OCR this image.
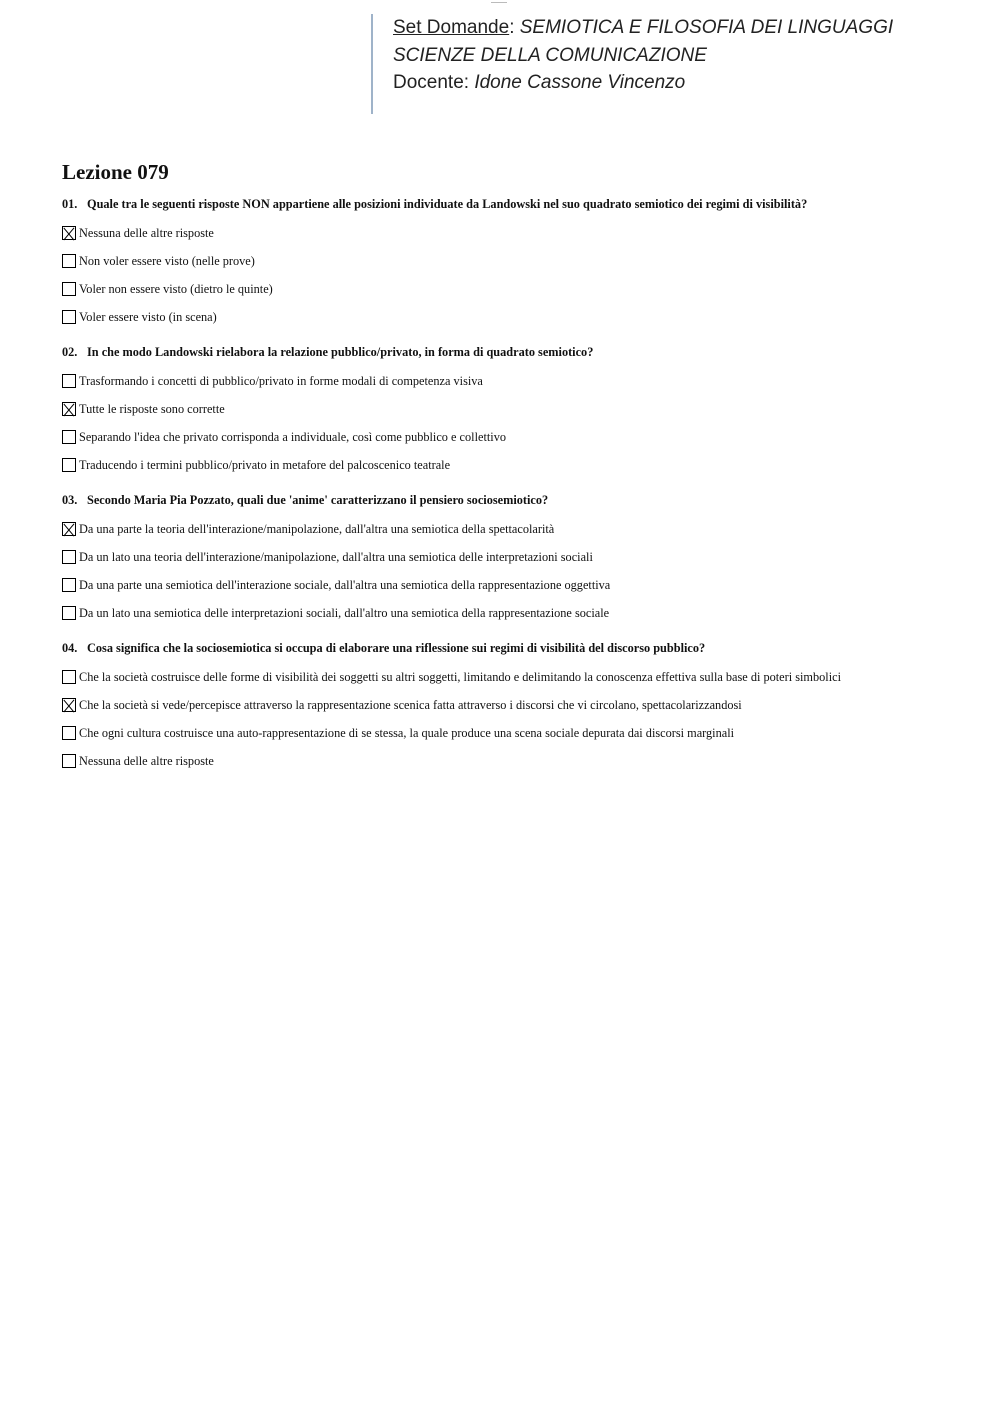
Set Domande: SEMIOTICA E FILOSOFIA DEI LINGUAGGI
SCIENZE DELLA COMUNICAZIONE
Docente: Idone Cassone Vincenzo
Lezione 079
01. Quale tra le seguenti risposte NON appartiene alle posizioni individuate da Landowski nel suo quadrato semiotico dei regimi di visibilità?
Nessuna delle altre risposte
Non voler essere visto (nelle prove)
Voler non essere visto (dietro le quinte)
Voler essere visto (in scena)
02. In che modo Landowski rielabora la relazione pubblico/privato, in forma di quadrato semiotico?
Trasformando i concetti di pubblico/privato in forme modali di competenza visiva
Tutte le risposte sono corrette
Separando l'idea che privato corrisponda a individuale, così come pubblico e collettivo
Traducendo i termini pubblico/privato in metafore del palcoscenico teatrale
03. Secondo Maria Pia Pozzato, quali due 'anime' caratterizzano il pensiero sociosemiotico?
Da una parte la teoria dell'interazione/manipolazione, dall'altra una semiotica della spettacolarità
Da un lato una teoria dell'interazione/manipolazione, dall'altra una semiotica delle interpretazioni sociali
Da una parte una semiotica dell'interazione sociale, dall'altra una semiotica della rappresentazione oggettiva
Da un lato una semiotica delle interpretazioni sociali, dall'altro una semiotica della rappresentazione sociale
04. Cosa significa che la sociosemiotica si occupa di elaborare una riflessione sui regimi di visibilità del discorso pubblico?
Che la società costruisce delle forme di visibilità dei soggetti su altri soggetti, limitando e delimitando la conoscenza effettiva sulla base di poteri simbolici
Che la società si vede/percepisce attraverso la rappresentazione scenica fatta attraverso i discorsi che vi circolano, spettacolarizzandosi
Che ogni cultura costruisce una auto-rappresentazione di se stessa, la quale produce una scena sociale depurata dai discorsi marginali
Nessuna delle altre risposte
